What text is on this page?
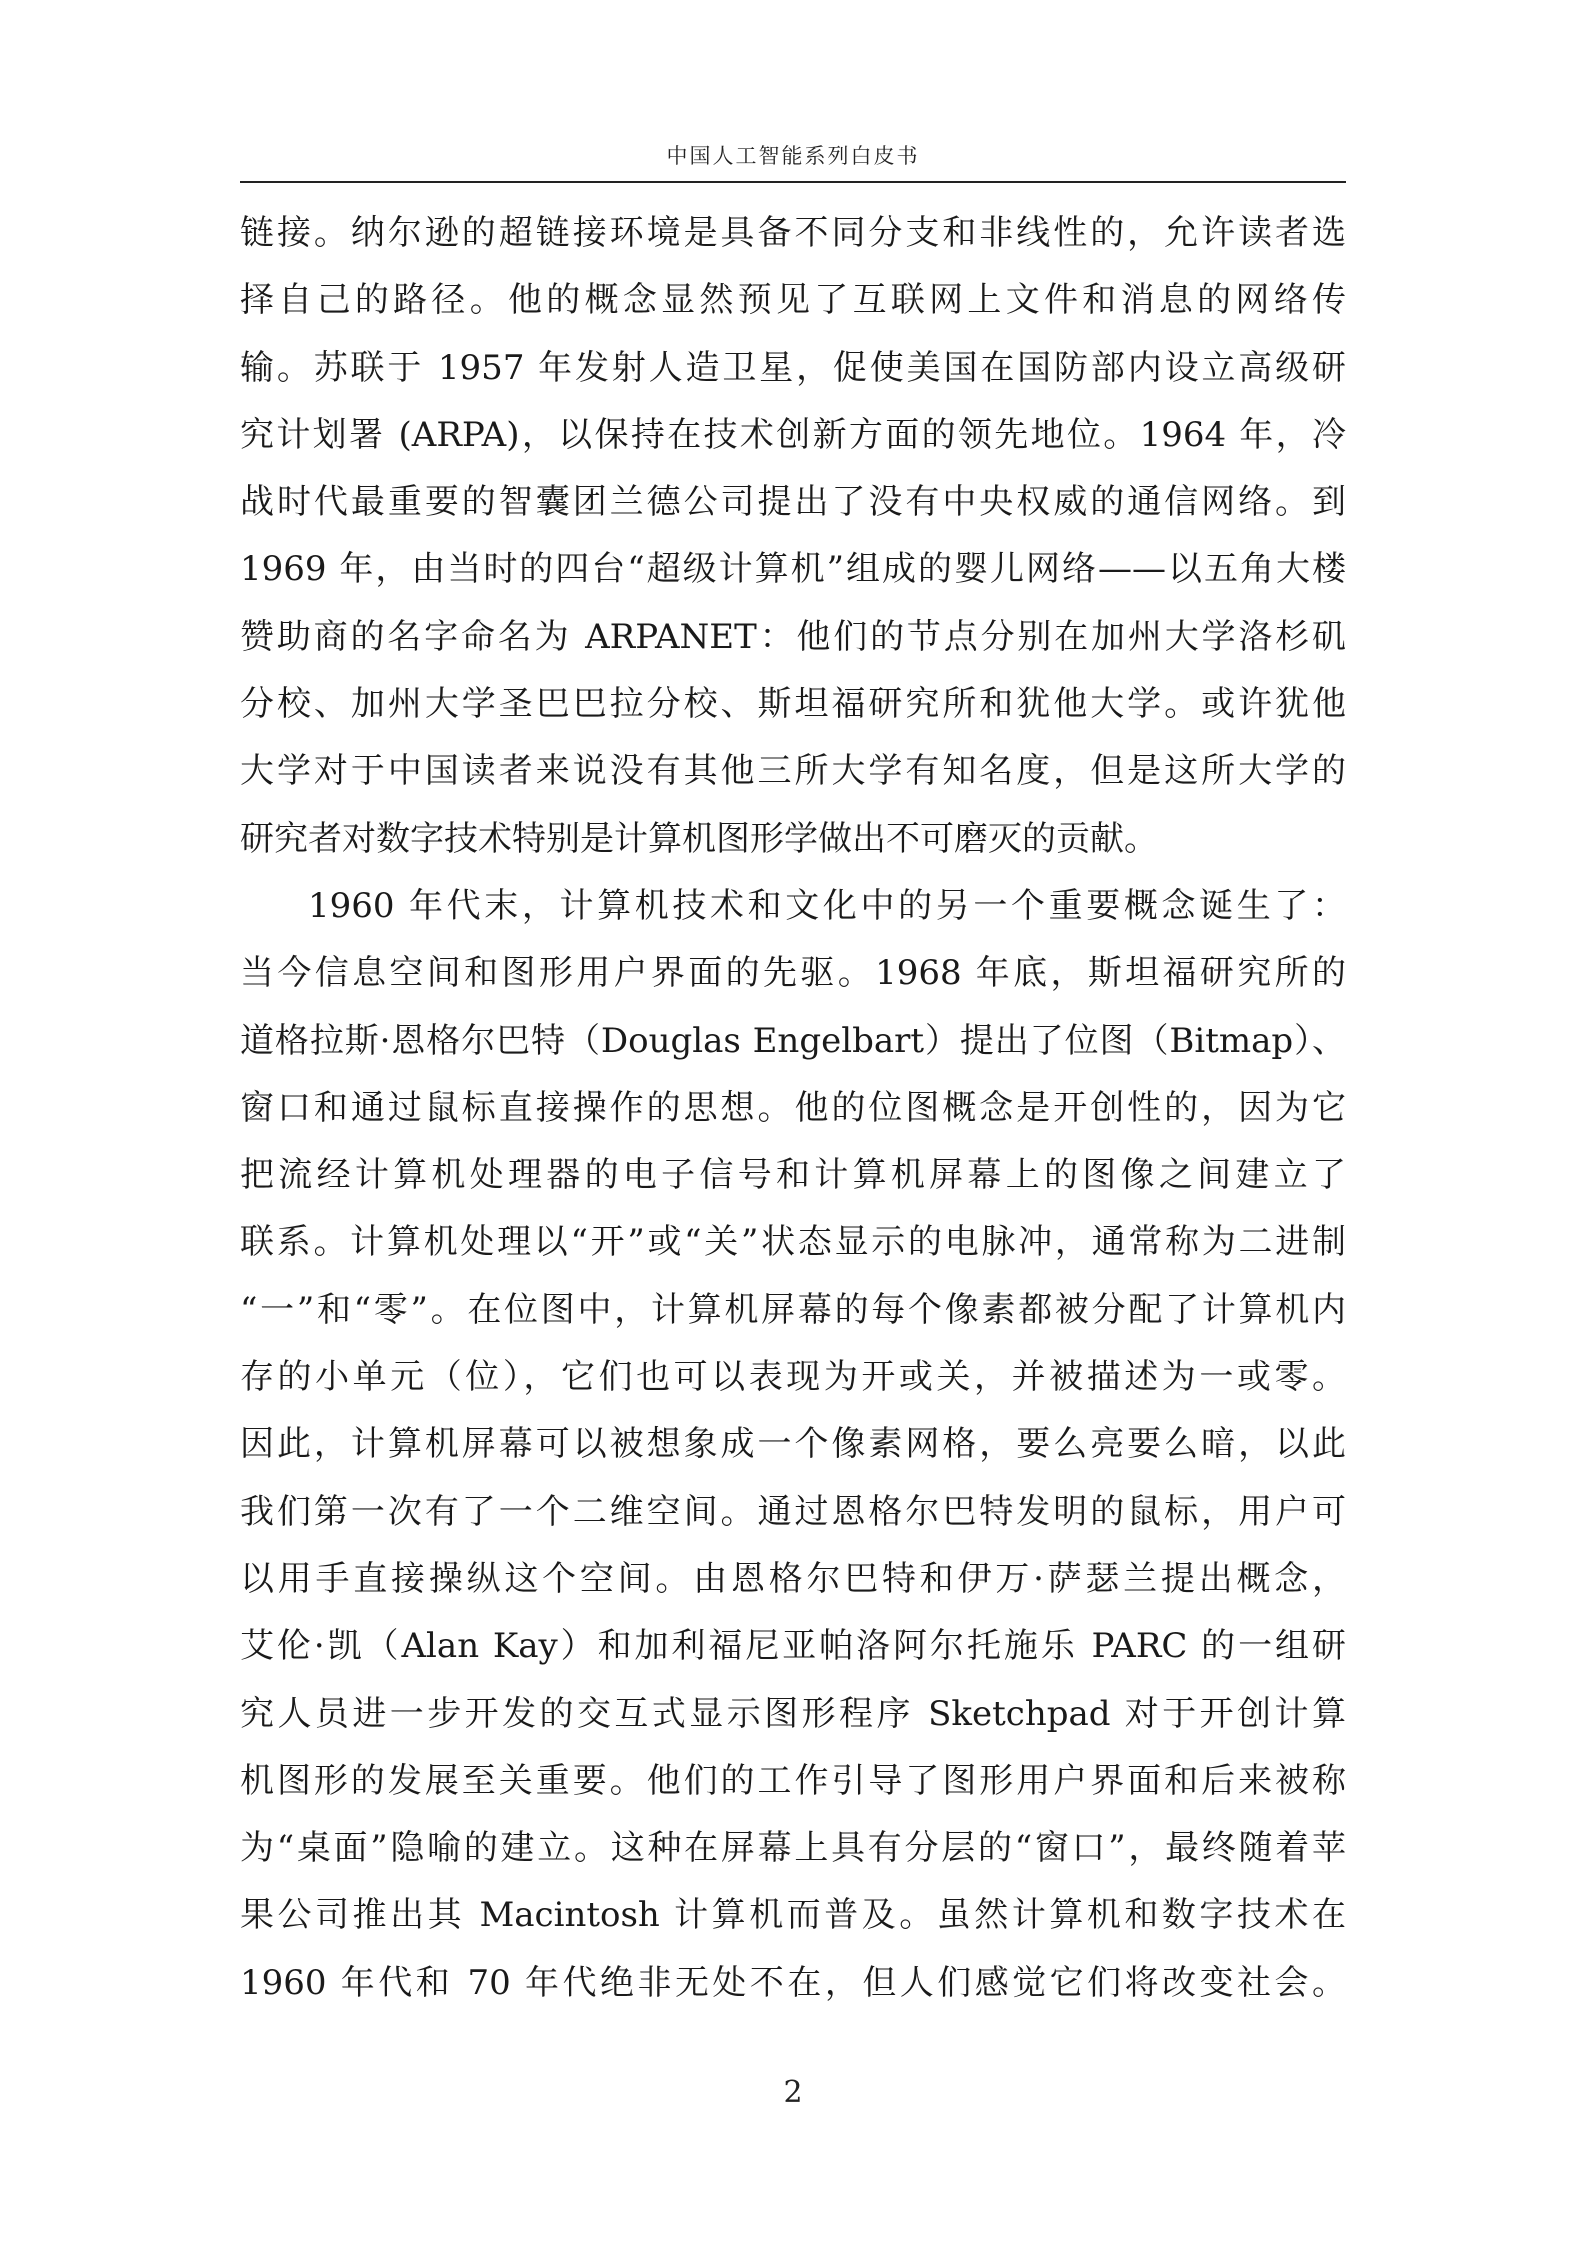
中国人工智能系列白皮书

链接。纳尔逊的超链接环境是具备不同分支和非线性的，允许读者选
择自己的路径。他的概念显然预见了互联网上文件和消息的网络传
输。苏联于 1957 年发射人造卫星，促使美国在国防部内设立高级研
究计划署 (ARPA)，以保持在技术创新方面的领先地位。1964 年，冷
战时代最重要的智囊团兰德公司提出了没有中央权威的通信网络。到
1969 年，由当时的四台“超级计算机”组成的婴儿网络——以五角大楼
赞助商的名字命名为 ARPANET：他们的节点分别在加州大学洛杉矶
分校、加州大学圣巴巴拉分校、斯坦福研究所和犹他大学。或许犹他
大学对于中国读者来说没有其他三所大学有知名度，但是这所大学的
研究者对数字技术特别是计算机图形学做出不可磨灭的贡献。

1960 年代末，计算机技术和文化中的另一个重要概念诞生了：
当今信息空间和图形用户界面的先驱。1968 年底，斯坦福研究所的
道格拉斯·恩格尔巴特（Douglas Engelbart）提出了位图（Bitmap）、
窗口和通过鼠标直接操作的思想。他的位图概念是开创性的，因为它
把流经计算机处理器的电子信号和计算机屏幕上的图像之间建立了
联系。计算机处理以“开”或“关”状态显示的电脉冲，通常称为二进制
“一”和“零”。在位图中，计算机屏幕的每个像素都被分配了计算机内
存的小单元（位），它们也可以表现为开或关，并被描述为一或零。
因此，计算机屏幕可以被想象成一个像素网格，要么亮要么暗，以此
我们第一次有了一个二维空间。通过恩格尔巴特发明的鼠标，用户可
以用手直接操纵这个空间。由恩格尔巴特和伊万·萨瑟兰提出概念，
艾伦·凯（Alan Kay）和加利福尼亚帕洛阿尔托施乐 PARC 的一组研
究人员进一步开发的交互式显示图形程序 Sketchpad 对于开创计算
机图形的发展至关重要。他们的工作引导了图形用户界面和后来被称
为“桌面”隐喻的建立。这种在屏幕上具有分层的“窗口”，最终随着苹
果公司推出其 Macintosh 计算机而普及。虽然计算机和数字技术在
1960 年代和 70 年代绝非无处不在，但人们感觉它们将改变社会。

2
